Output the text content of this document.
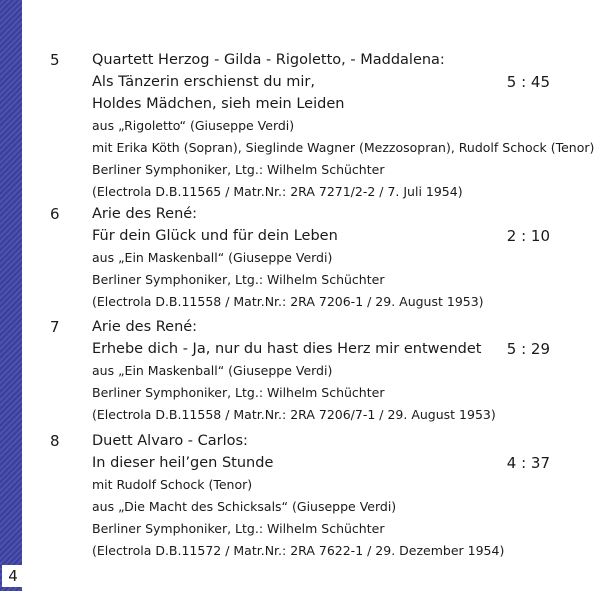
4
5 Quartett Herzog - Gilda - Rigoletto, - Maddalena:
Als Tänzerin erschienst du mir,
Holdes Mädchen, sieh mein Leiden
aus „Rigoletto“ (Giuseppe Verdi)
mit Erika Köth (Sopran), Sieglinde Wagner (Mezzosopran), Rudolf Schock (Tenor)
Berliner Symphoniker, Ltg.: Wilhelm Schüchter
(Electrola D.B.11565 / Matr.Nr.: 2RA 7271/2-2 / 7. Juli 1954)
5 : 45
6 Arie des René:
Für dein Glück und für dein Leben
aus „Ein Maskenball“ (Giuseppe Verdi)
Berliner Symphoniker, Ltg.: Wilhelm Schüchter
(Electrola D.B.11558 / Matr.Nr.: 2RA 7206-1 / 29. August 1953)
2 : 10
7 Arie des René:
Erhebe dich - Ja, nur du hast dies Herz mir entwendet
aus „Ein Maskenball“ (Giuseppe Verdi)
Berliner Symphoniker, Ltg.: Wilhelm Schüchter
(Electrola D.B.11558 / Matr.Nr.: 2RA 7206/7-1 / 29. August 1953)
5 : 29
8 Duett Alvaro - Carlos:
In dieser heil’gen Stunde
mit Rudolf Schock (Tenor)
aus „Die Macht des Schicksals“ (Giuseppe Verdi)
Berliner Symphoniker, Ltg.: Wilhelm Schüchter
(Electrola D.B.11572 / Matr.Nr.: 2RA 7622-1 / 29. Dezember 1954)
4 : 37
